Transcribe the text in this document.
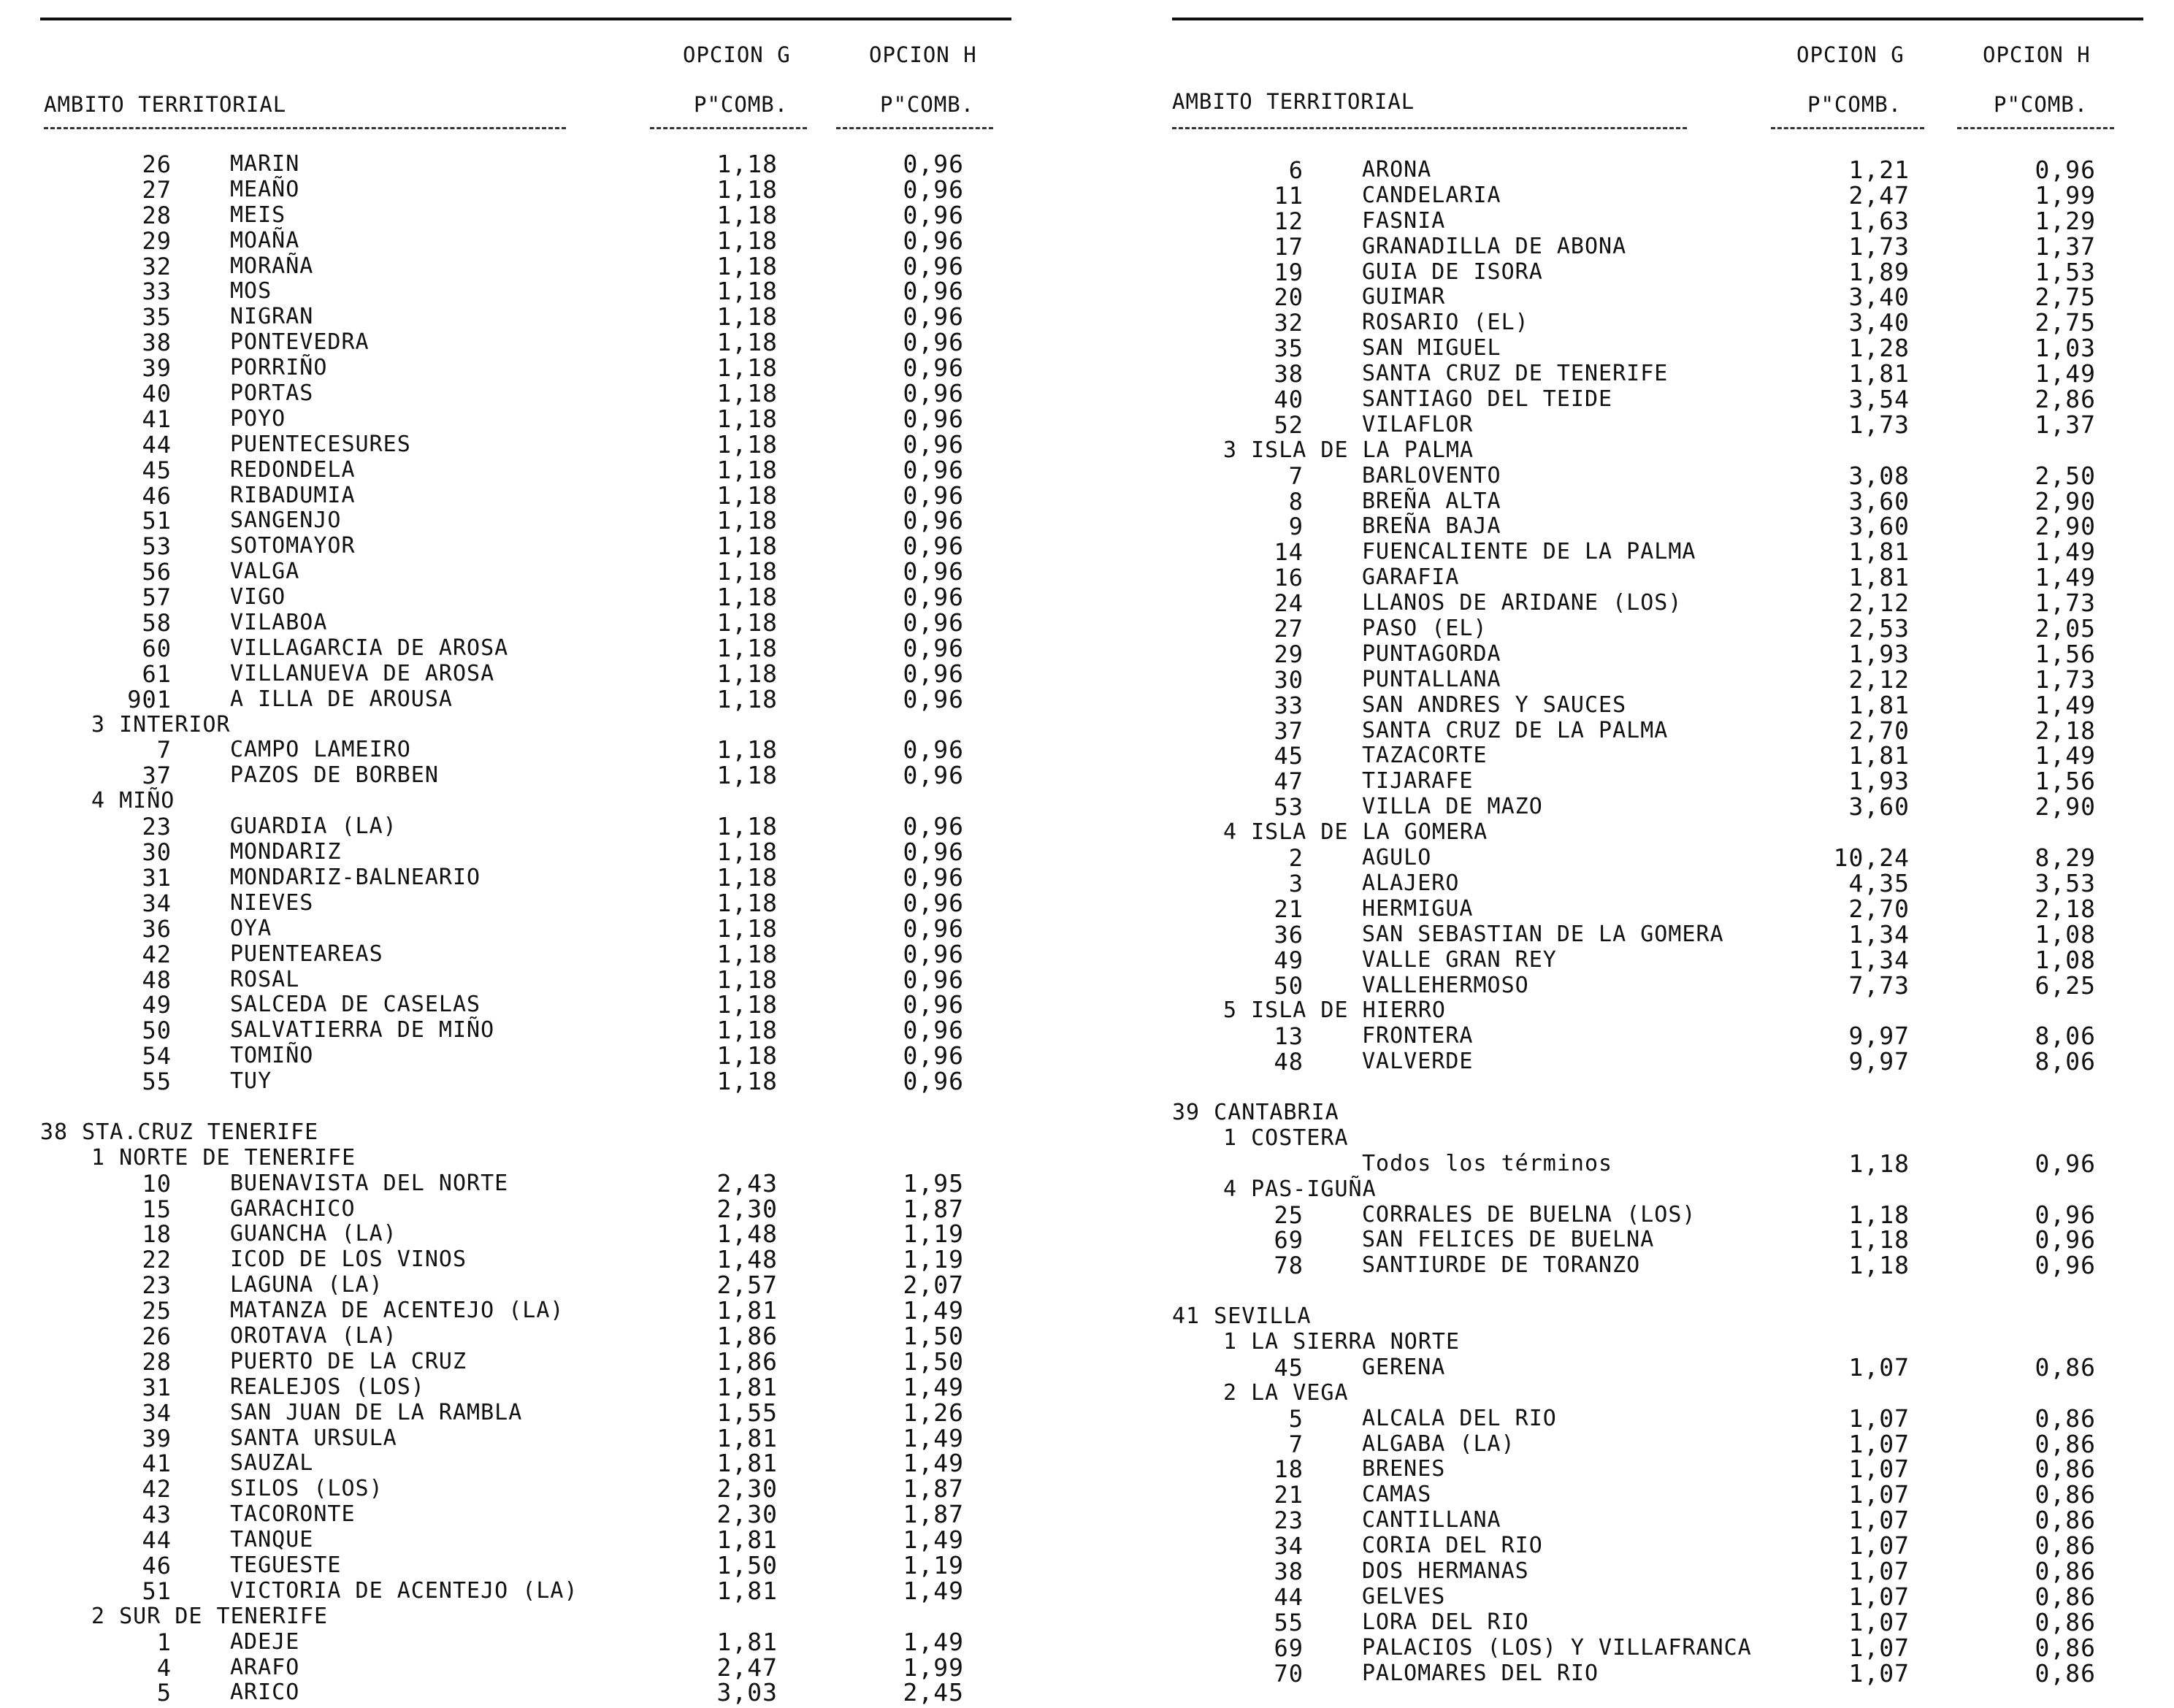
OPCION G	OPCION H
AMBITO TERRITORIAL	P"COMB.	P"COMB.
26	MARIN	1,18	0,96
27	MEAÑO	1,18	0,96
28	MEIS	1,18	0,96
29	MOAÑA	1,18	0,96
32	MORAÑA	1,18	0,96
33	MOS	1,18	0,96
35	NIGRAN	1,18	0,96
38	PONTEVEDRA	1,18	0,96
39	PORRIÑO	1,18	0,96
40	PORTAS	1,18	0,96
41	POYO	1,18	0,96
44	PUENTECESURES	1,18	0,96
45	REDONDELA	1,18	0,96
46	RIBADUMIA	1,18	0,96
51	SANGENJO	1,18	0,96
53	SOTOMAYOR	1,18	0,96
56	VALGA	1,18	0,96
57	VIGO	1,18	0,96
58	VILABOA	1,18	0,96
60	VILLAGARCIA DE AROSA	1,18	0,96
61	VILLANUEVA DE AROSA	1,18	0,96
901	A ILLA DE AROUSA	1,18	0,96
3 INTERIOR
7	CAMPO LAMEIRO	1,18	0,96
37	PAZOS DE BORBEN	1,18	0,96
4 MIÑO
23	GUARDIA (LA)	1,18	0,96
30	MONDARIZ	1,18	0,96
31	MONDARIZ-BALNEARIO	1,18	0,96
34	NIEVES	1,18	0,96
36	OYA	1,18	0,96
42	PUENTEAREAS	1,18	0,96
48	ROSAL	1,18	0,96
49	SALCEDA DE CASELAS	1,18	0,96
50	SALVATIERRA DE MIÑO	1,18	0,96
54	TOMIÑO	1,18	0,96
55	TUY	1,18	0,96
38 STA.CRUZ TENERIFE
1 NORTE DE TENERIFE
10	BUENAVISTA DEL NORTE	2,43	1,95
15	GARACHICO	2,30	1,87
18	GUANCHA (LA)	1,48	1,19
22	ICOD DE LOS VINOS	1,48	1,19
23	LAGUNA (LA)	2,57	2,07
25	MATANZA DE ACENTEJO (LA)	1,81	1,49
26	OROTAVA (LA)	1,86	1,50
28	PUERTO DE LA CRUZ	1,86	1,50
31	REALEJOS (LOS)	1,81	1,49
34	SAN JUAN DE LA RAMBLA	1,55	1,26
39	SANTA URSULA	1,81	1,49
41	SAUZAL	1,81	1,49
42	SILOS (LOS)	2,30	1,87
43	TACORONTE	2,30	1,87
44	TANQUE	1,81	1,49
46	TEGUESTE	1,50	1,19
51	VICTORIA DE ACENTEJO (LA)	1,81	1,49
2 SUR DE TENERIFE
1	ADEJE	1,81	1,49
4	ARAFO	2,47	1,99
5	ARICO	3,03	2,45
OPCION G	OPCION H
AMBITO TERRITORIAL	P"COMB.	P"COMB.
6	ARONA	1,21	0,96
11	CANDELARIA	2,47	1,99
12	FASNIA	1,63	1,29
17	GRANADILLA DE ABONA	1,73	1,37
19	GUIA DE ISORA	1,89	1,53
20	GUIMAR	3,40	2,75
32	ROSARIO (EL)	3,40	2,75
35	SAN MIGUEL	1,28	1,03
38	SANTA CRUZ DE TENERIFE	1,81	1,49
40	SANTIAGO DEL TEIDE	3,54	2,86
52	VILAFLOR	1,73	1,37
3 ISLA DE LA PALMA
7	BARLOVENTO	3,08	2,50
8	BREÑA ALTA	3,60	2,90
9	BREÑA BAJA	3,60	2,90
14	FUENCALIENTE DE LA PALMA	1,81	1,49
16	GARAFIA	1,81	1,49
24	LLANOS DE ARIDANE (LOS)	2,12	1,73
27	PASO (EL)	2,53	2,05
29	PUNTAGORDA	1,93	1,56
30	PUNTALLANA	2,12	1,73
33	SAN ANDRES Y SAUCES	1,81	1,49
37	SANTA CRUZ DE LA PALMA	2,70	2,18
45	TAZACORTE	1,81	1,49
47	TIJARAFE	1,93	1,56
53	VILLA DE MAZO	3,60	2,90
4 ISLA DE LA GOMERA
2	AGULO	10,24	8,29
3	ALAJERO	4,35	3,53
21	HERMIGUA	2,70	2,18
36	SAN SEBASTIAN DE LA GOMERA	1,34	1,08
49	VALLE GRAN REY	1,34	1,08
50	VALLEHERMOSO	7,73	6,25
5 ISLA DE HIERRO
13	FRONTERA	9,97	8,06
48	VALVERDE	9,97	8,06
39 CANTABRIA
1 COSTERA
Todos los términos	1,18	0,96
4 PAS-IGUÑA
25	CORRALES DE BUELNA (LOS)	1,18	0,96
69	SAN FELICES DE BUELNA	1,18	0,96
78	SANTIURDE DE TORANZO	1,18	0,96
41 SEVILLA
1 LA SIERRA NORTE
45	GERENA	1,07	0,86
2 LA VEGA
5	ALCALA DEL RIO	1,07	0,86
7	ALGABA (LA)	1,07	0,86
18	BRENES	1,07	0,86
21	CAMAS	1,07	0,86
23	CANTILLANA	1,07	0,86
34	CORIA DEL RIO	1,07	0,86
38	DOS HERMANAS	1,07	0,86
44	GELVES	1,07	0,86
55	LORA DEL RIO	1,07	0,86
69	PALACIOS (LOS) Y VILLAFRANCA	1,07	0,86
70	PALOMARES DEL RIO	1,07	0,86
